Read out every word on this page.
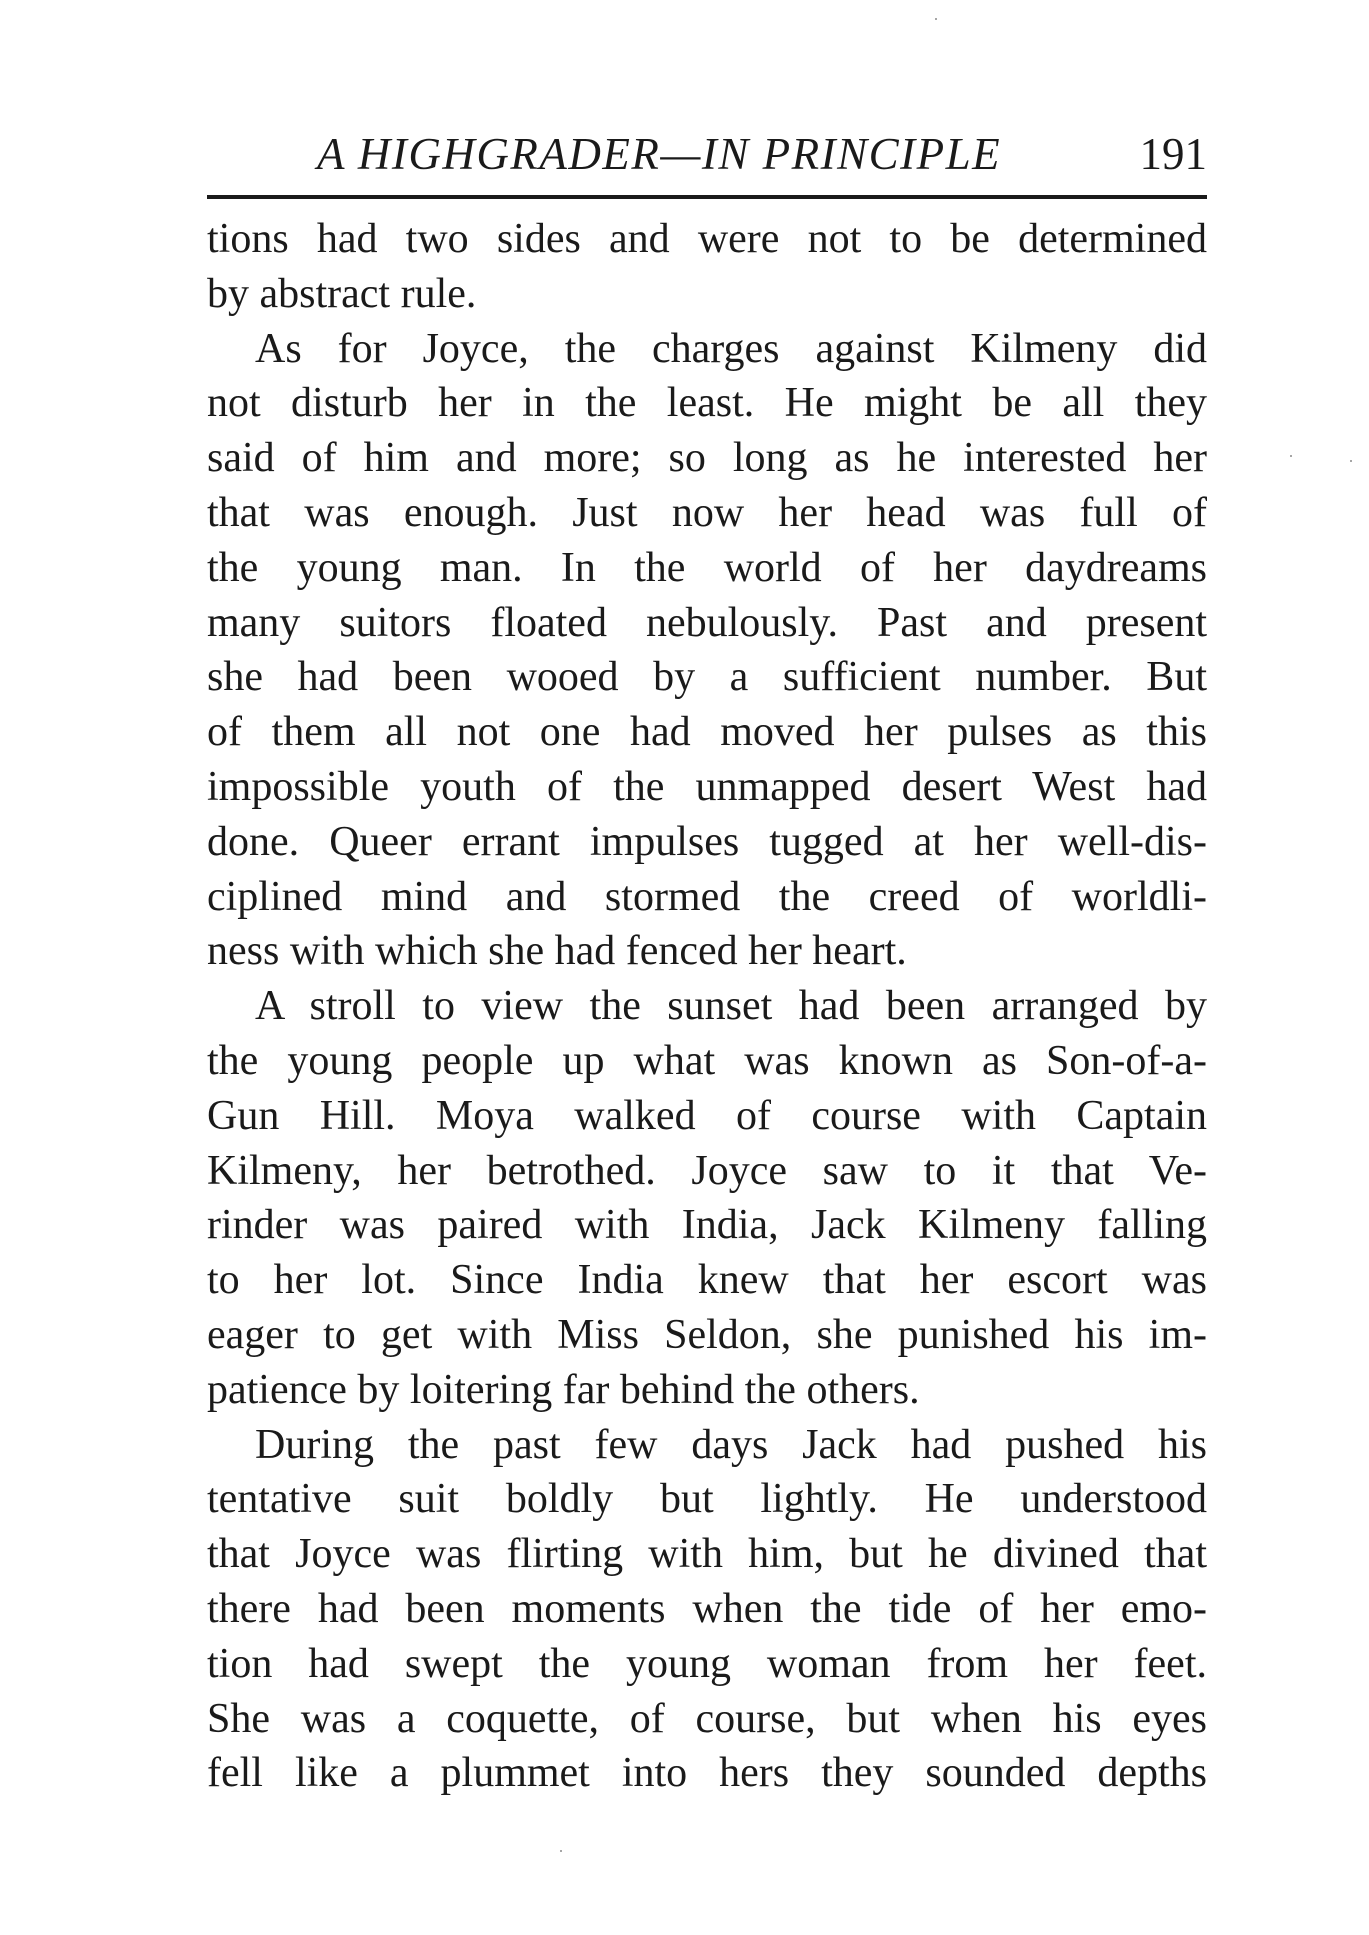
A HIGHGRADER—IN PRINCIPLE	191
tions had two sides and were not to be determined
by abstract rule.
As for Joyce, the charges against Kilmeny did
not disturb her in the least. He might be all they
said of him and more; so long as he interested her
that was enough. Just now her head was full of
the young man. In the world of her daydreams
many suitors floated nebulously. Past and present
she had been wooed by a sufficient number. But
of them all not one had moved her pulses as this
impossible youth of the unmapped desert West had
done. Queer errant impulses tugged at her well-dis-
ciplined mind and stormed the creed of worldli-
ness with which she had fenced her heart.
A stroll to view the sunset had been arranged by
the young people up what was known as Son-of-a-
Gun Hill. Moya walked of course with Captain
Kilmeny, her betrothed. Joyce saw to it that Ve-
rinder was paired with India, Jack Kilmeny falling
to her lot. Since India knew that her escort was
eager to get with Miss Seldon, she punished his im-
patience by loitering far behind the others.
During the past few days Jack had pushed his
tentative suit boldly but lightly. He understood
that Joyce was flirting with him, but he divined that
there had been moments when the tide of her emo-
tion had swept the young woman from her feet.
She was a coquette, of course, but when his eyes
fell like a plummet into hers they sounded depths
